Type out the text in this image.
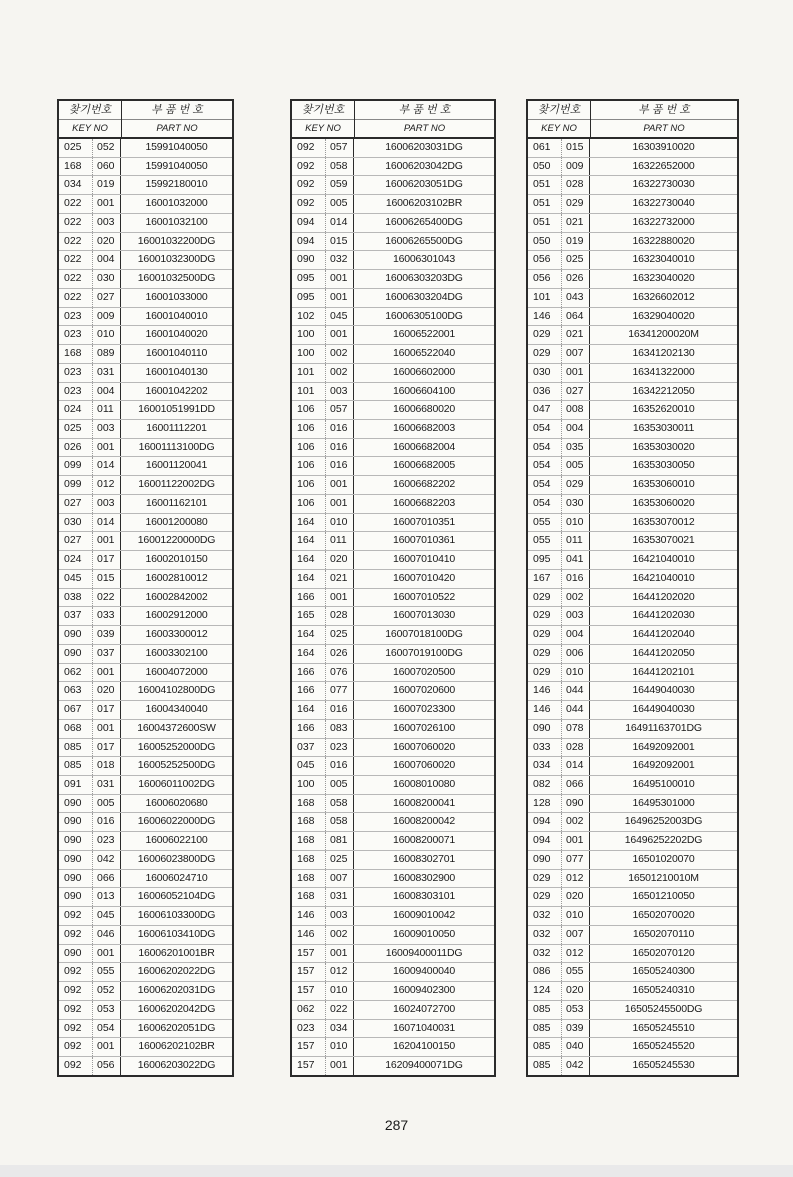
찾기번호
KEY NO
부 품 번 호
PART NO
025	052	15991040050
168	060	15991040050
034	019	15992180010
022	001	16001032000
022	003	16001032100
022	020	16001032200DG
022	004	16001032300DG
022	030	16001032500DG
022	027	16001033000
023	009	16001040010
023	010	16001040020
168	089	16001040110
023	031	16001040130
023	004	16001042202
024	011	16001051991DD
025	003	16001112201
026	001	16001113100DG
099	014	16001120041
099	012	16001122002DG
027	003	16001162101
030	014	16001200080
027	001	16001220000DG
024	017	16002010150
045	015	16002810012
038	022	16002842002
037	033	16002912000
090	039	16003300012
090	037	16003302100
062	001	16004072000
063	020	16004102800DG
067	017	16004340040
068	001	16004372600SW
085	017	16005252000DG
085	018	16005252500DG
091	031	16006011002DG
090	005	16006020680
090	016	16006022000DG
090	023	16006022100
090	042	16006023800DG
090	066	16006024710
090	013	16006052104DG
092	045	16006103300DG
092	046	16006103410DG
090	001	16006201001BR
092	055	16006202022DG
092	052	16006202031DG
092	053	16006202042DG
092	054	16006202051DG
092	001	16006202102BR
092	056	16006203022DG
찾기번호
KEY NO
부 품 번 호
PART NO
092	057	16006203031DG
092	058	16006203042DG
092	059	16006203051DG
092	005	16006203102BR
094	014	16006265400DG
094	015	16006265500DG
090	032	16006301043
095	001	16006303203DG
095	001	16006303204DG
102	045	16006305100DG
100	001	16006522001
100	002	16006522040
101	002	16006602000
101	003	16006604100
106	057	16006680020
106	016	16006682003
106	016	16006682004
106	016	16006682005
106	001	16006682202
106	001	16006682203
164	010	16007010351
164	011	16007010361
164	020	16007010410
164	021	16007010420
166	001	16007010522
165	028	16007013030
164	025	16007018100DG
164	026	16007019100DG
166	076	16007020500
166	077	16007020600
164	016	16007023300
166	083	16007026100
037	023	16007060020
045	016	16007060020
100	005	16008010080
168	058	16008200041
168	058	16008200042
168	081	16008200071
168	025	16008302701
168	007	16008302900
168	031	16008303101
146	003	16009010042
146	002	16009010050
157	001	16009400011DG
157	012	16009400040
157	010	16009402300
062	022	16024072700
023	034	16071040031
157	010	16204100150
157	001	16209400071DG
찾기번호
KEY NO
부 품 번 호
PART NO
061	015	16303910020
050	009	16322652000
051	028	16322730030
051	029	16322730040
051	021	16322732000
050	019	16322880020
056	025	16323040010
056	026	16323040020
101	043	16326602012
146	064	16329040020
029	021	16341200020M
029	007	16341202130
030	001	16341322000
036	027	16342212050
047	008	16352620010
054	004	16353030011
054	035	16353030020
054	005	16353030050
054	029	16353060010
054	030	16353060020
055	010	16353070012
055	011	16353070021
095	041	16421040010
167	016	16421040010
029	002	16441202020
029	003	16441202030
029	004	16441202040
029	006	16441202050
029	010	16441202101
146	044	16449040030
146	044	16449040030
090	078	16491163701DG
033	028	16492092001
034	014	16492092001
082	066	16495100010
128	090	16495301000
094	002	16496252003DG
094	001	16496252202DG
090	077	16501020070
029	012	16501210010M
029	020	16501210050
032	010	16502070020
032	007	16502070110
032	012	16502070120
086	055	16505240300
124	020	16505240310
085	053	16505245500DG
085	039	16505245510
085	040	16505245520
085	042	16505245530
287
